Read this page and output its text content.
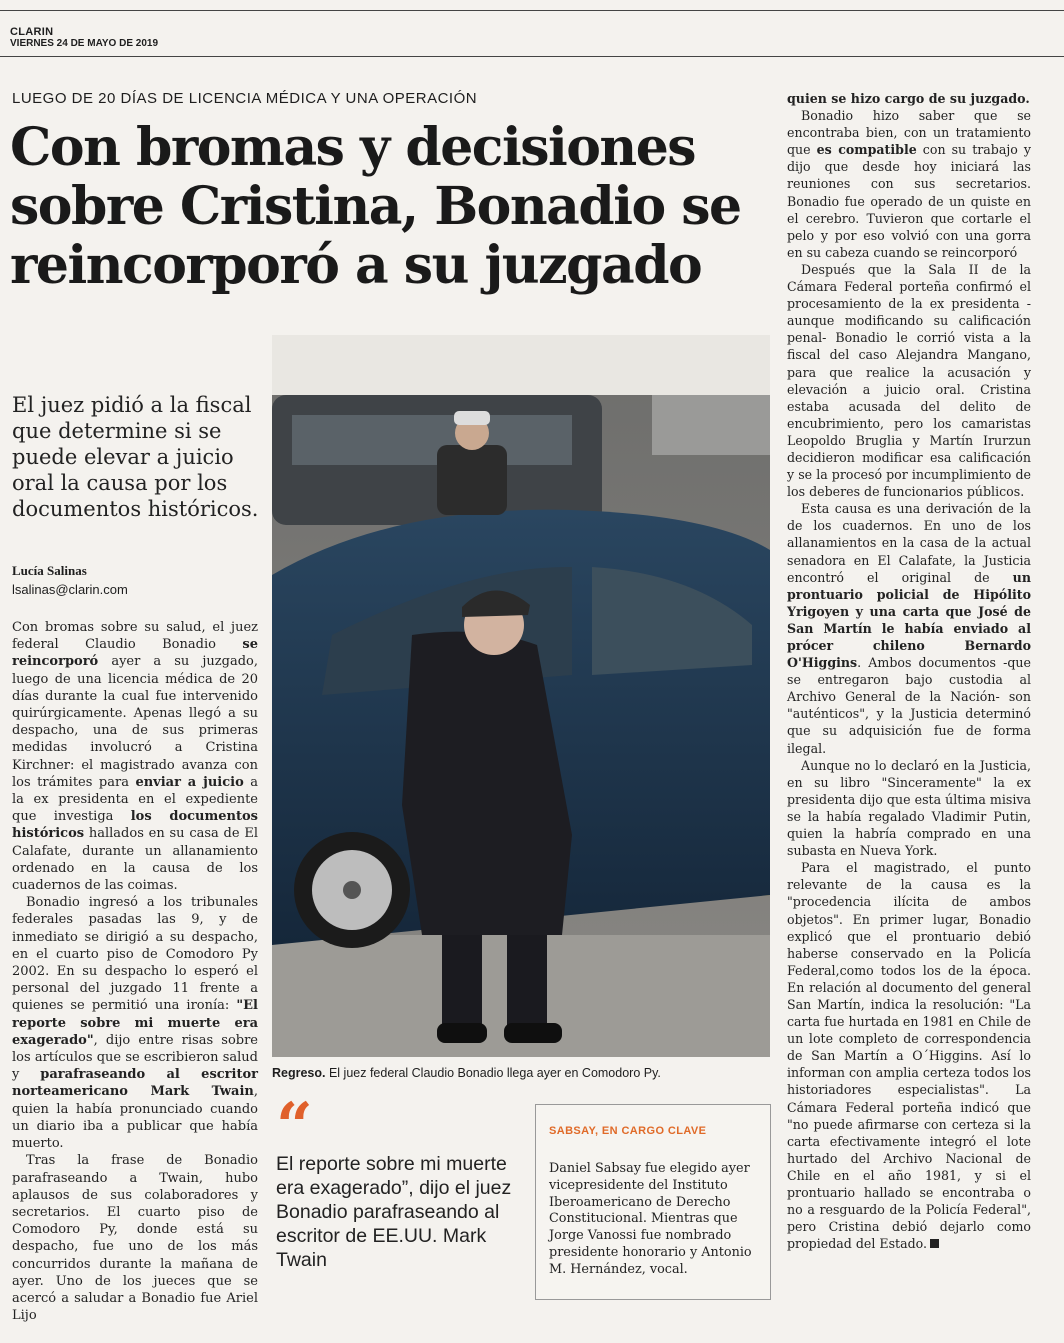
CLARIN
VIERNES 24 DE MAYO DE 2019
LUEGO DE 20 DÍAS DE LICENCIA MÉDICA Y UNA OPERACIÓN
Con bromas y decisiones
sobre Cristina, Bonadio se
reincorporó a su juzgado
El juez pidió a la fiscal que determine si se puede elevar a juicio oral la causa por los documentos históricos.
Lucía Salinas
lsalinas@clarin.com

Con bromas sobre su salud, el juez federal Claudio Bonadio se reincorporó ayer a su juzgado, luego de una licencia médica de 20 días durante la cual fue intervenido quirúrgicamente. Apenas llegó a su despacho, una de sus primeras medidas involucró a Cristina Kirchner: el magistrado avanza con los trámites para enviar a juicio a la ex presidenta en el expediente que investiga los documentos históricos hallados en su casa de El Calafate, durante un allanamiento ordenado en la causa de los cuadernos de las coimas.

Bonadio ingresó a los tribunales federales pasadas las 9, y de inmediato se dirigió a su despacho, en el cuarto piso de Comodoro Py 2002. En su despacho lo esperó el personal del juzgado 11 frente a quienes se permitió una ironía: "El reporte sobre mi muerte era exagerado", dijo entre risas sobre los artículos que se escribieron salud y parafraseando al escritor norteamericano Mark Twain, quien la había pronunciado cuando un diario iba a publicar que había muerto.

Tras la frase de Bonadio parafraseando a Twain, hubo aplausos de sus colaboradores y secretarios. El cuarto piso de Comodoro Py, donde está su despacho, fue uno de los más concurridos durante la mañana de ayer. Uno de los jueces que se acercó a saludar a Bonadio fue Ariel Lijo

Regreso. El juez federal Claudio Bonadio llega ayer en Comodoro Py.
“
El reporte sobre mi muerte era exagerado”, dijo el juez Bonadio parafraseando al escritor de EE.UU. Mark Twain
SABSAY, EN CARGO CLAVE
Daniel Sabsay fue elegido ayer vicepresidente del Instituto Iberoamericano de Derecho Constitucional. Mientras que Jorge Vanossi fue nombrado presidente honorario y Antonio M. Hernández, vocal.

quien se hizo cargo de su juzgado.

Bonadio hizo saber que se encontraba bien, con un tratamiento que es compatible con su trabajo y dijo que desde hoy iniciará las reuniones con sus secretarios. Bonadio fue operado de un quiste en el cerebro. Tuvieron que cortarle el pelo y por eso volvió con una gorra en su cabeza cuando se reincorporó

Después que la Sala II de la Cámara Federal porteña confirmó el procesamiento de la ex presidenta -aunque modificando su calificación penal- Bonadio le corrió vista a la fiscal del caso Alejandra Mangano, para que realice la acusación y elevación a juicio oral. Cristina estaba acusada del delito de encubrimiento, pero los camaristas Leopoldo Bruglia y Martín Irurzun decidieron modificar esa calificación y se la procesó por incumplimiento de los deberes de funcionarios públicos.

Esta causa es una derivación de la de los cuadernos. En uno de los allanamientos en la casa de la actual senadora en El Calafate, la Justicia encontró el original de un prontuario policial de Hipólito Yrigoyen y una carta que José de San Martín le había enviado al prócer chileno Bernardo O'Higgins. Ambos documentos -que se entregaron bajo custodia al Archivo General de la Nación- son "auténticos", y la Justicia determinó que su adquisición fue de forma ilegal.

Aunque no lo declaró en la Justicia, en su libro "Sinceramente" la ex presidenta dijo que esta última misiva se la había regalado Vladimir Putin, quien la habría comprado en una subasta en Nueva York.

Para el magistrado, el punto relevante de la causa es la "procedencia ilícita de ambos objetos". En primer lugar, Bonadio explicó que el prontuario debió haberse conservado en la Policía Federal,como todos los de la época. En relación al documento del general San Martín, indica la resolución: "La carta fue hurtada en 1981 en Chile de un lote completo de correspondencia de San Martín a O´Higgins. Así lo informan con amplia certeza todos los historiadores especialistas". La Cámara Federal porteña indicó que "no puede afirmarse con certeza si la carta efectivamente integró el lote hurtado del Archivo Nacional de Chile en el año 1981, y si el prontuario hallado se encontraba o no a resguardo de la Policía Federal", pero Cristina debió dejarlo como propiedad del Estado.
